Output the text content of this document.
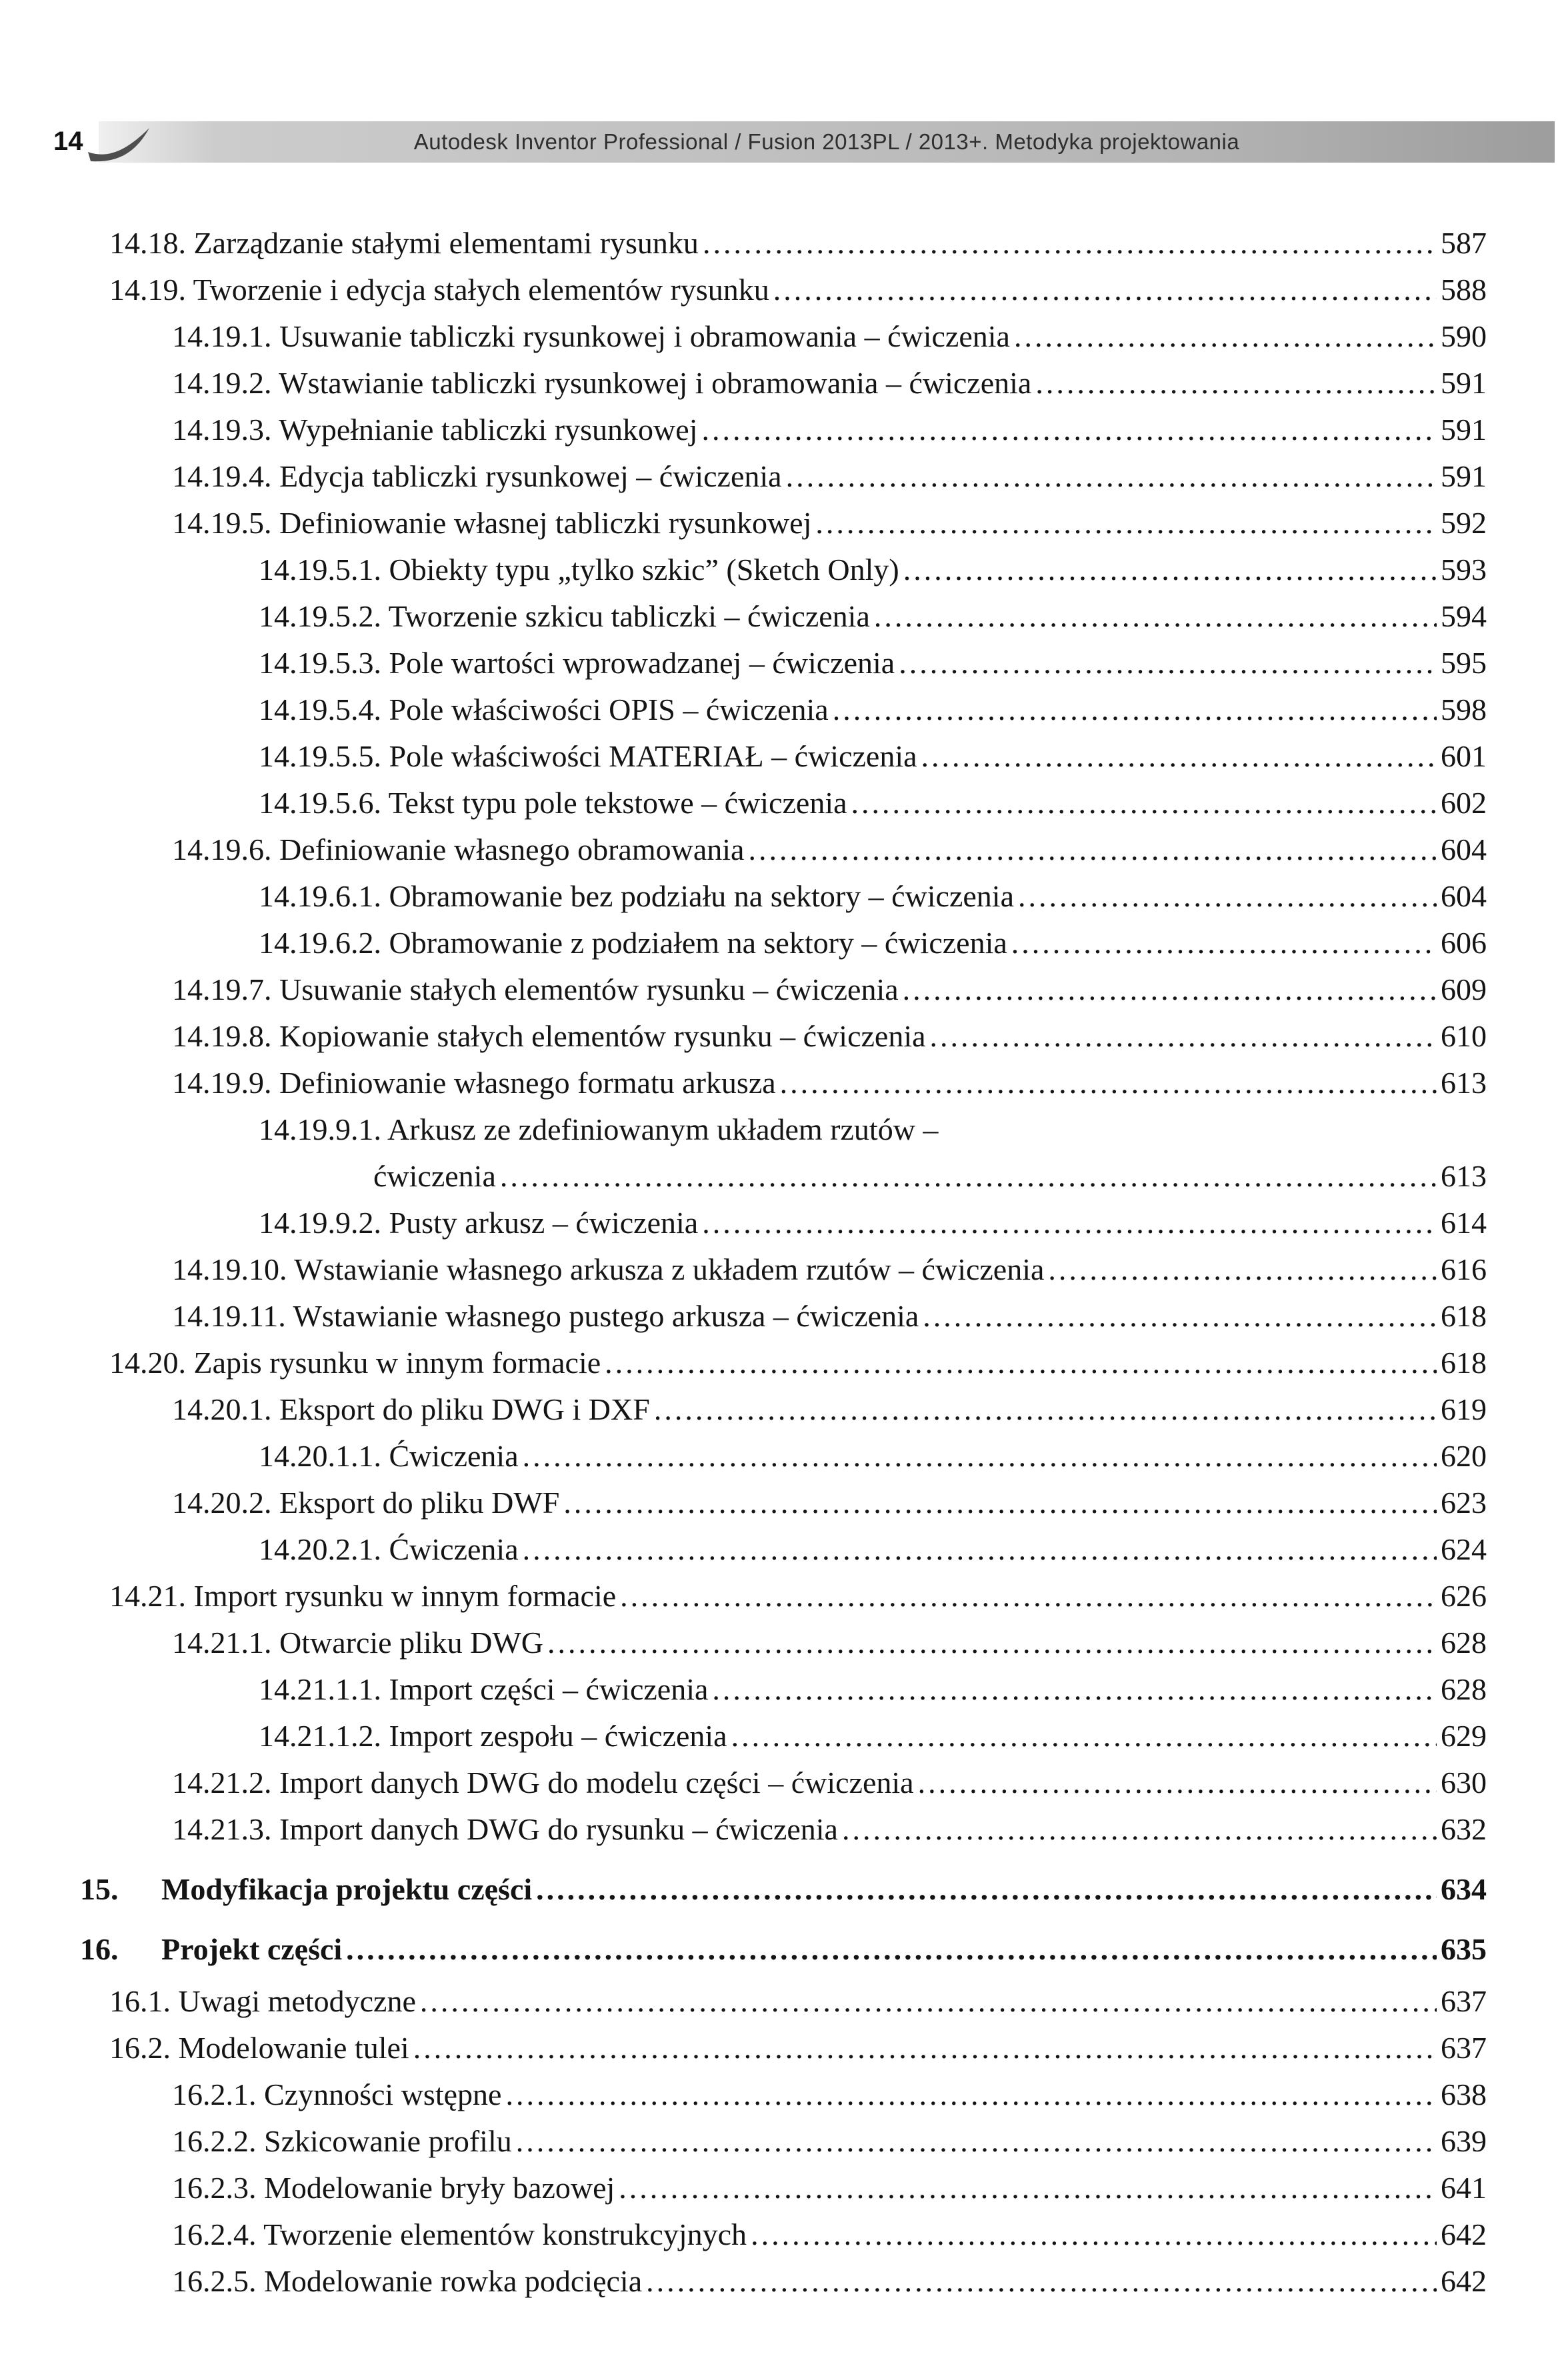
14	Autodesk Inventor Professional / Fusion 2013PL / 2013+. Metodyka projektowania
14.18. Zarządzanie stałymi elementami rysunku .....	587
14.19. Tworzenie i edycja stałych elementów rysunku .....	588
14.19.1. Usuwanie tabliczki rysunkowej i obramowania – ćwiczenia .....	590
14.19.2. Wstawianie tabliczki rysunkowej i obramowania – ćwiczenia .....	591
14.19.3. Wypełnianie tabliczki rysunkowej .....	591
14.19.4. Edycja tabliczki rysunkowej – ćwiczenia .....	591
14.19.5. Definiowanie własnej tabliczki rysunkowej .....	592
14.19.5.1. Obiekty typu „tylko szkic” (Sketch Only) .....	593
14.19.5.2. Tworzenie szkicu tabliczki – ćwiczenia .....	594
14.19.5.3. Pole wartości wprowadzanej – ćwiczenia .....	595
14.19.5.4. Pole właściwości OPIS – ćwiczenia .....	598
14.19.5.5. Pole właściwości MATERIAŁ – ćwiczenia .....	601
14.19.5.6. Tekst typu pole tekstowe – ćwiczenia .....	602
14.19.6. Definiowanie własnego obramowania .....	604
14.19.6.1. Obramowanie bez podziału na sektory – ćwiczenia .....	604
14.19.6.2. Obramowanie z podziałem na sektory – ćwiczenia .....	606
14.19.7. Usuwanie stałych elementów rysunku – ćwiczenia .....	609
14.19.8. Kopiowanie stałych elementów rysunku – ćwiczenia .....	610
14.19.9. Definiowanie własnego formatu arkusza .....	613
14.19.9.1. Arkusz ze zdefiniowanym układem rzutów –
ćwiczenia .....	613
14.19.9.2. Pusty arkusz – ćwiczenia .....	614
14.19.10. Wstawianie własnego arkusza z układem rzutów – ćwiczenia .....	616
14.19.11. Wstawianie własnego pustego arkusza – ćwiczenia .....	618
14.20. Zapis rysunku w innym formacie .....	618
14.20.1. Eksport do pliku DWG i DXF .....	619
14.20.1.1. Ćwiczenia .....	620
14.20.2. Eksport do pliku DWF .....	623
14.20.2.1. Ćwiczenia .....	624
14.21. Import rysunku w innym formacie .....	626
14.21.1. Otwarcie pliku DWG .....	628
14.21.1.1. Import części – ćwiczenia .....	628
14.21.1.2. Import zespołu – ćwiczenia .....	629
14.21.2. Import danych DWG do modelu części – ćwiczenia .....	630
14.21.3. Import danych DWG do rysunku – ćwiczenia .....	632
15.	Modyfikacja projektu części .....	634
16.	Projekt części .....	635
16.1. Uwagi metodyczne .....	637
16.2. Modelowanie tulei .....	637
16.2.1. Czynności wstępne .....	638
16.2.2. Szkicowanie profilu .....	639
16.2.3. Modelowanie bryły bazowej .....	641
16.2.4. Tworzenie elementów konstrukcyjnych .....	642
16.2.5. Modelowanie rowka podcięcia .....	642
